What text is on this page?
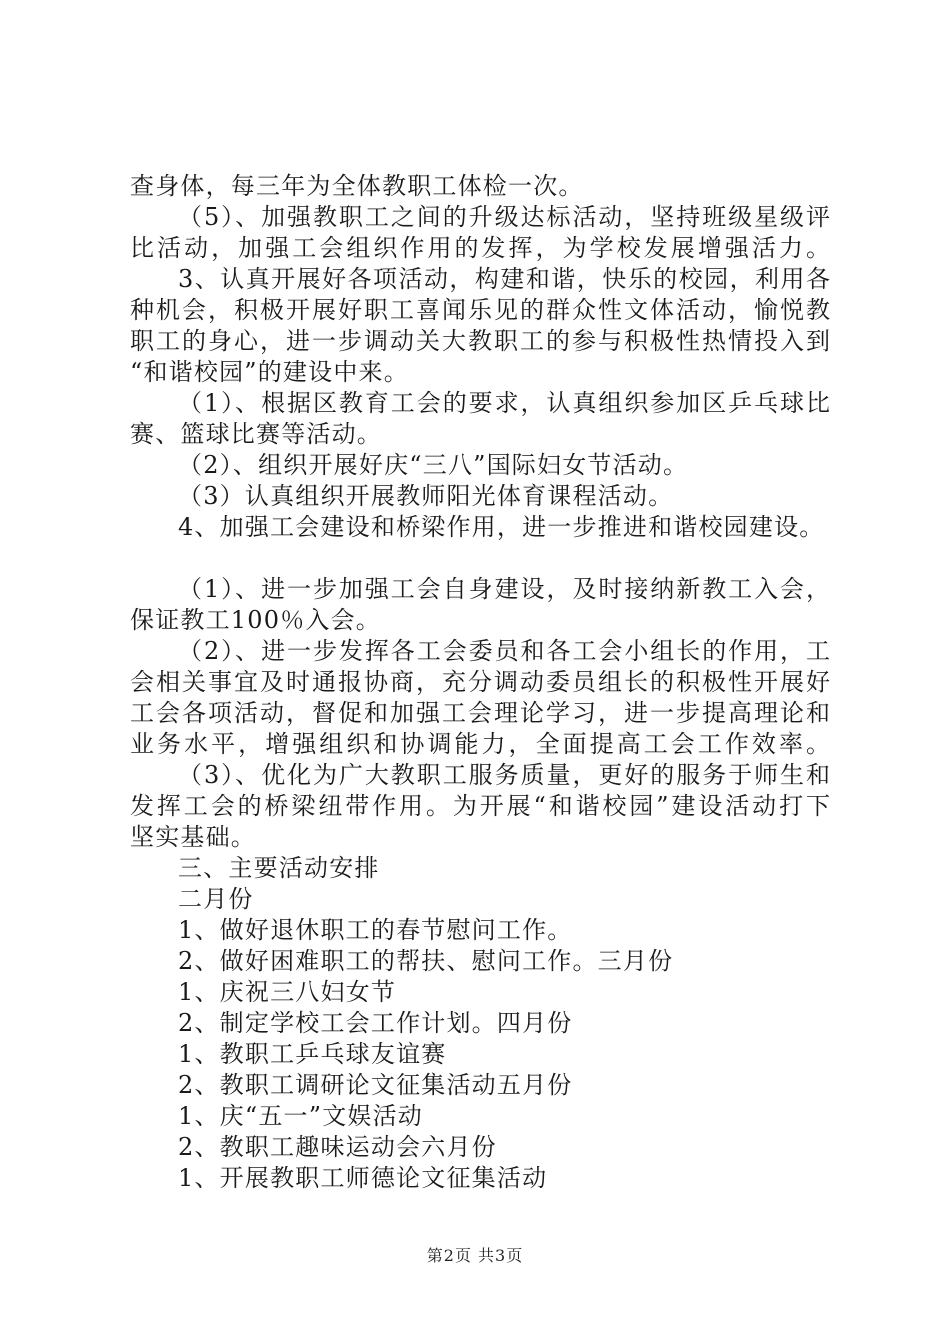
查身体，每三年为全体教职工体检一次。
（5）、加强教职工之间的升级达标活动，坚持班级星级评
比活动，加强工会组织作用的发挥，为学校发展增强活力。
3、认真开展好各项活动，构建和谐，快乐的校园，利用各
种机会，积极开展好职工喜闻乐见的群众性文体活动，愉悦教
职工的身心，进一步调动关大教职工的参与积极性热情投入到
“和谐校园”的建设中来。
（1）、根据区教育工会的要求，认真组织参加区乒乓球比
赛、篮球比赛等活动。
（2）、组织开展好庆“三八”国际妇女节活动。
（3）认真组织开展教师阳光体育课程活动。
4、加强工会建设和桥梁作用，进一步推进和谐校园建设。
（1）、进一步加强工会自身建设，及时接纳新教工入会，
保证教工100％入会。
（2）、进一步发挥各工会委员和各工会小组长的作用，工
会相关事宜及时通报协商，充分调动委员组长的积极性开展好
工会各项活动，督促和加强工会理论学习，进一步提高理论和
业务水平，增强组织和协调能力，全面提高工会工作效率。
（3）、优化为广大教职工服务质量，更好的服务于师生和
发挥工会的桥梁纽带作用。为开展“和谐校园”建设活动打下
坚实基础。
三、主要活动安排
二月份
1、做好退休职工的春节慰问工作。
2、做好困难职工的帮扶、慰问工作。三月份
1、庆祝三八妇女节
2、制定学校工会工作计划。四月份
1、教职工乒乓球友谊赛
2、教职工调研论文征集活动五月份
1、庆“五一”文娱活动
2、教职工趣味运动会六月份
1、开展教职工师德论文征集活动
第2页 共3页
